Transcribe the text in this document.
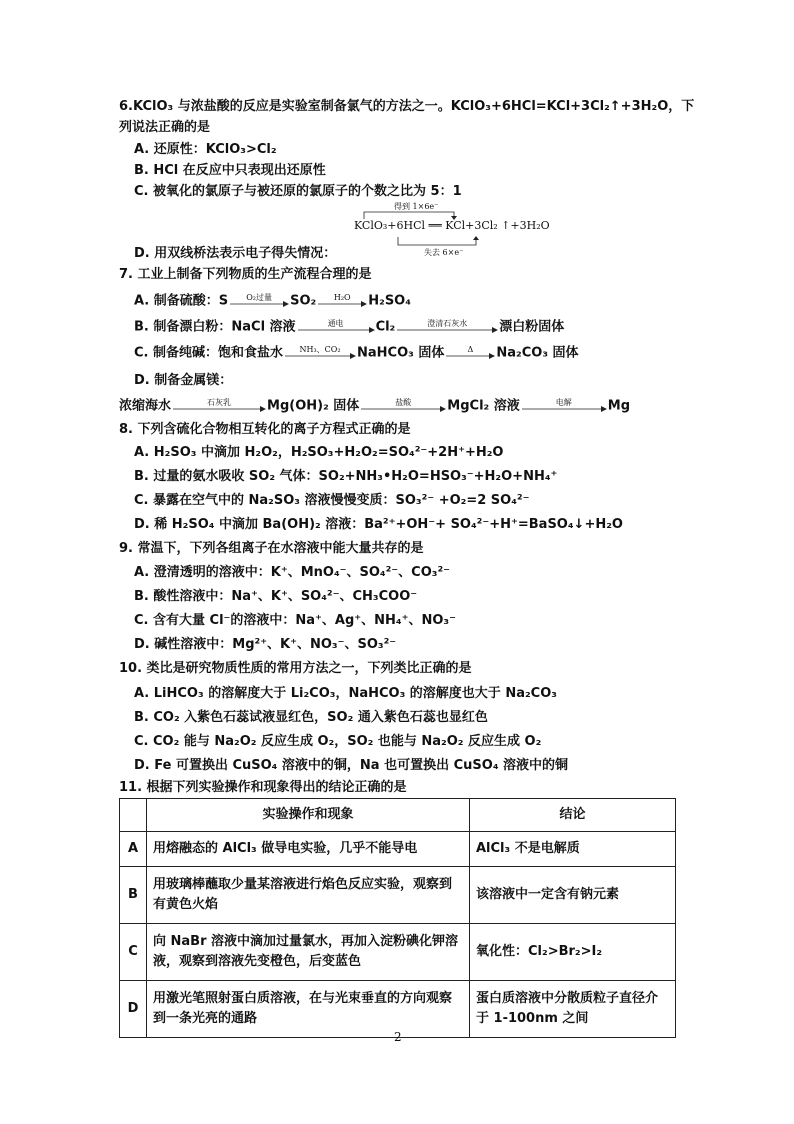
6.KClO₃ 与浓盐酸的反应是实验室制备氯气的方法之一。KClO₃+6HCl=KCl+3Cl₂↑+3H₂O，下
列说法正确的是
A. 还原性：KClO₃>Cl₂
B. HCl 在反应中只表现出还原性
C. 被氧化的氯原子与被还原的氯原子的个数之比为 5：1
得到 1×6e⁻
KClO₃+6HCl ══ KCl+3Cl₂ ↑+3H₂O
失去 6×e⁻
D. 用双线桥法表示电子得失情况：
7. 工业上制备下列物质的生产流程合理的是
A. 制备硫酸：S	O₂过量	SO₂	H₂O	H₂SO₄
B. 制备漂白粉：NaCl 溶液	通电	Cl₂	澄清石灰水	漂白粉固体
C. 制备纯碱：饱和食盐水	NH₃、CO₂	NaHCO₃ 固体	Δ	Na₂CO₃ 固体
D. 制备金属镁：
浓缩海水	石灰乳	Mg(OH)₂ 固体	盐酸	MgCl₂ 溶液	电解	Mg
8. 下列含硫化合物相互转化的离子方程式正确的是
A. H₂SO₃ 中滴加 H₂O₂，H₂SO₃+H₂O₂=SO₄²⁻+2H⁺+H₂O
B. 过量的氨水吸收 SO₂ 气体：SO₂+NH₃•H₂O=HSO₃⁻+H₂O+NH₄⁺
C. 暴露在空气中的 Na₂SO₃ 溶液慢慢变质：SO₃²⁻ +O₂=2 SO₄²⁻
D. 稀 H₂SO₄ 中滴加 Ba(OH)₂ 溶液：Ba²⁺+OH⁻+ SO₄²⁻+H⁺=BaSO₄↓+H₂O
9. 常温下，下列各组离子在水溶液中能大量共存的是
A. 澄清透明的溶液中：K⁺、MnO₄⁻、SO₄²⁻、CO₃²⁻
B. 酸性溶液中：Na⁺、K⁺、SO₄²⁻、CH₃COO⁻
C. 含有大量 Cl⁻的溶液中：Na⁺、Ag⁺、NH₄⁺、NO₃⁻
D. 碱性溶液中：Mg²⁺、K⁺、NO₃⁻、SO₃²⁻
10. 类比是研究物质性质的常用方法之一，下列类比正确的是
A. LiHCO₃ 的溶解度大于 Li₂CO₃，NaHCO₃ 的溶解度也大于 Na₂CO₃
B. CO₂ 入紫色石蕊试液显红色，SO₂ 通入紫色石蕊也显红色
C. CO₂ 能与 Na₂O₂ 反应生成 O₂，SO₂ 也能与 Na₂O₂ 反应生成 O₂
D. Fe 可置换出 CuSO₄ 溶液中的铜，Na 也可置换出 CuSO₄ 溶液中的铜
11. 根据下列实验操作和现象得出的结论正确的是
	实验操作和现象	结论
A	用熔融态的 AlCl₃ 做导电实验，几乎不能导电	AlCl₃ 不是电解质
B	用玻璃棒蘸取少量某溶液进行焰色反应实验，观察到有黄色火焰	该溶液中一定含有钠元素
C	向 NaBr 溶液中滴加过量氯水，再加入淀粉碘化钾溶液，观察到溶液先变橙色，后变蓝色	氧化性：Cl₂>Br₂>I₂
D	用激光笔照射蛋白质溶液，在与光束垂直的方向观察到一条光亮的通路	蛋白质溶液中分散质粒子直径介于 1-100nm 之间
2
